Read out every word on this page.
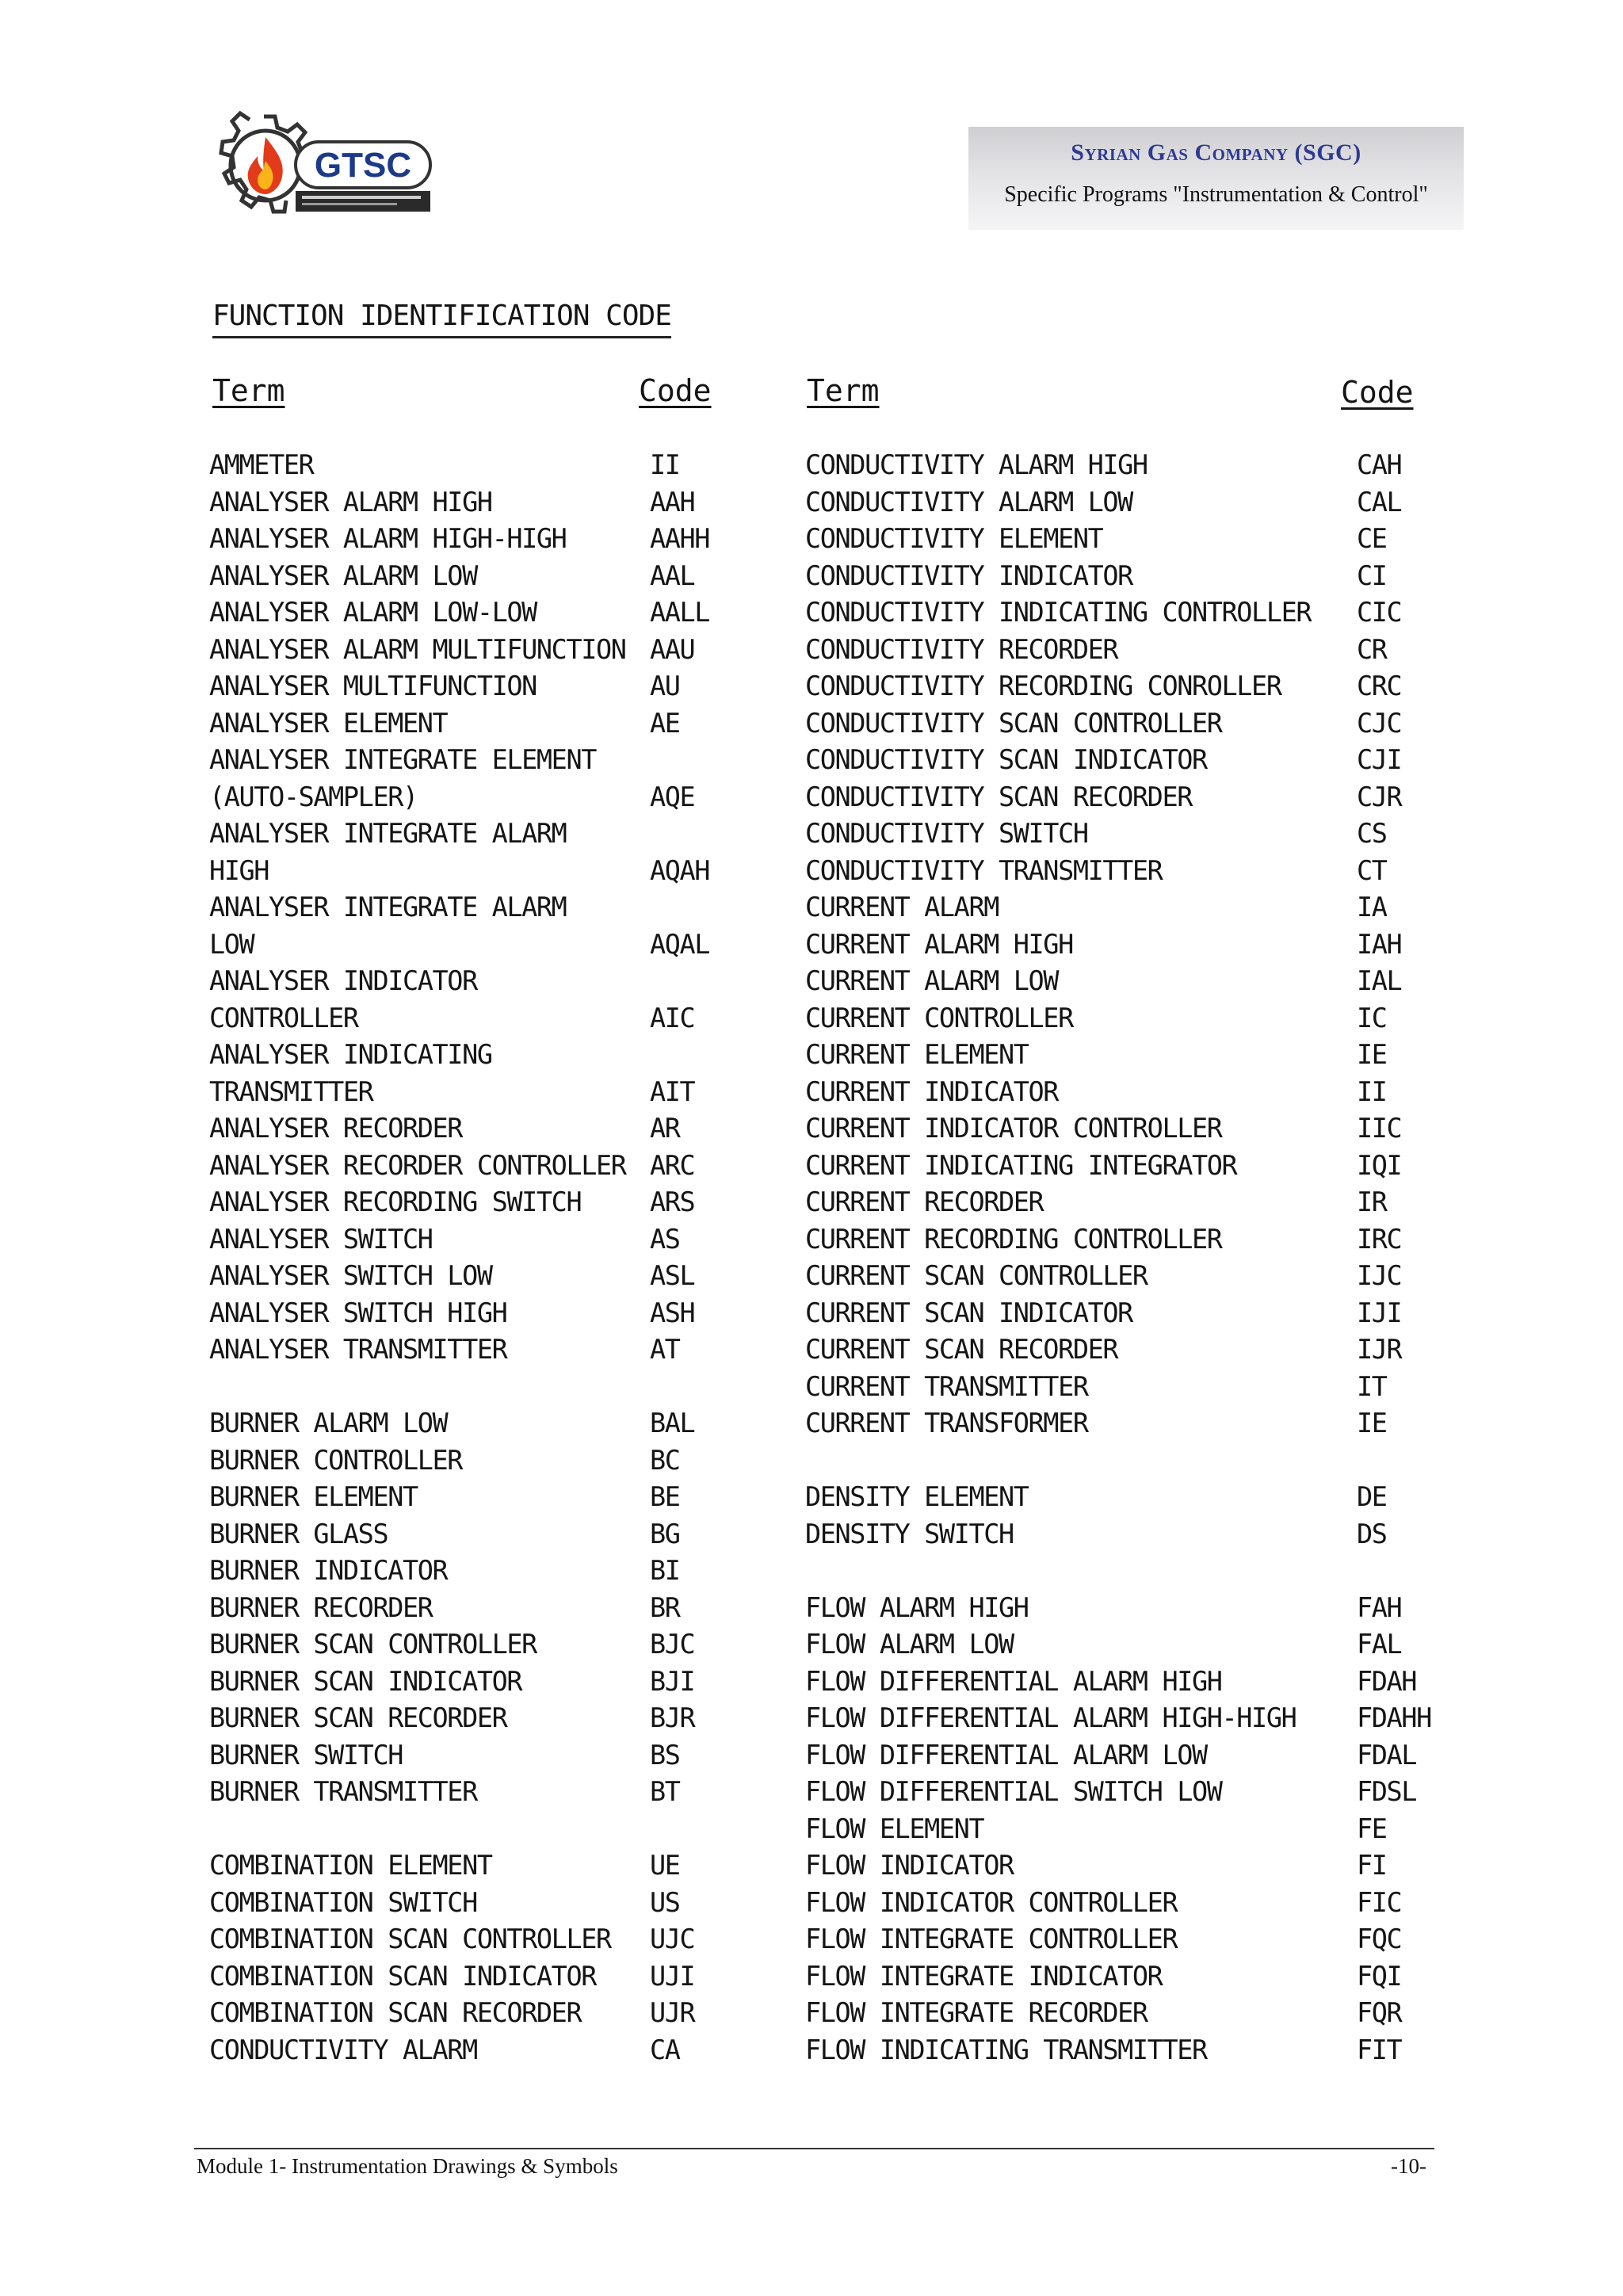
GTSC	Syrian Gas Company (SGC)
Specific Programs "Instrumentation & Control"
FUNCTION IDENTIFICATION CODE
Term	Code	Term	Code
AMMETER	II
ANALYSER ALARM HIGH	AAH
ANALYSER ALARM HIGH-HIGH	AAHH
ANALYSER ALARM LOW	AAL
ANALYSER ALARM LOW-LOW	AALL
ANALYSER ALARM MULTIFUNCTION AAU
ANALYSER MULTIFUNCTION	AU
ANALYSER ELEMENT	AE
ANALYSER INTEGRATE ELEMENT
(AUTO-SAMPLER)	AQE
ANALYSER INTEGRATE ALARM
HIGH	AQAH
ANALYSER INTEGRATE ALARM
LOW	AQAL
ANALYSER INDICATOR
CONTROLLER	AIC
ANALYSER INDICATING
TRANSMITTER	AIT
ANALYSER RECORDER	AR
ANALYSER RECORDER CONTROLLER ARC
ANALYSER RECORDING SWITCH	ARS
ANALYSER SWITCH	AS
ANALYSER SWITCH LOW	ASL
ANALYSER SWITCH HIGH	ASH
ANALYSER TRANSMITTER	AT
BURNER ALARM LOW	BAL
BURNER CONTROLLER	BC
BURNER ELEMENT	BE
BURNER GLASS	BG
BURNER INDICATOR	BI
BURNER RECORDER	BR
BURNER SCAN CONTROLLER	BJC
BURNER SCAN INDICATOR	BJI
BURNER SCAN RECORDER	BJR
BURNER SWITCH	BS
BURNER TRANSMITTER	BT
COMBINATION ELEMENT	UE
COMBINATION SWITCH	US
COMBINATION SCAN CONTROLLER UJC
COMBINATION SCAN INDICATOR UJI
COMBINATION SCAN RECORDER	UJR
CONDUCTIVITY ALARM	CA
CONDUCTIVITY ALARM HIGH	CAH
CONDUCTIVITY ALARM LOW	CAL
CONDUCTIVITY ELEMENT	CE
CONDUCTIVITY INDICATOR	CI
CONDUCTIVITY INDICATING CONTROLLER CIC
CONDUCTIVITY RECORDER	CR
CONDUCTIVITY RECORDING CONROLLER	CRC
CONDUCTIVITY SCAN CONTROLLER	CJC
CONDUCTIVITY SCAN INDICATOR	CJI
CONDUCTIVITY SCAN RECORDER	CJR
CONDUCTIVITY SWITCH	CS
CONDUCTIVITY TRANSMITTER	CT
CURRENT ALARM	IA
CURRENT ALARM HIGH	IAH
CURRENT ALARM LOW	IAL
CURRENT CONTROLLER	IC
CURRENT ELEMENT	IE
CURRENT INDICATOR	II
CURRENT INDICATOR CONTROLLER	IIC
CURRENT INDICATING INTEGRATOR	IQI
CURRENT RECORDER	IR
CURRENT RECORDING CONTROLLER	IRC
CURRENT SCAN CONTROLLER	IJC
CURRENT SCAN INDICATOR	IJI
CURRENT SCAN RECORDER	IJR
CURRENT TRANSMITTER	IT
CURRENT TRANSFORMER	IE
DENSITY ELEMENT	DE
DENSITY SWITCH	DS
FLOW ALARM HIGH	FAH
FLOW ALARM LOW	FAL
FLOW DIFFERENTIAL ALARM HIGH	FDAH
FLOW DIFFERENTIAL ALARM HIGH-HIGH FDAHH
FLOW DIFFERENTIAL ALARM LOW	FDAL
FLOW DIFFERENTIAL SWITCH LOW	FDSL
FLOW ELEMENT	FE
FLOW INDICATOR	FI
FLOW INDICATOR CONTROLLER	FIC
FLOW INTEGRATE CONTROLLER	FQC
FLOW INTEGRATE INDICATOR	FQI
FLOW INTEGRATE RECORDER	FQR
FLOW INDICATING TRANSMITTER	FIT
Module 1- Instrumentation Drawings & Symbols	-10-
